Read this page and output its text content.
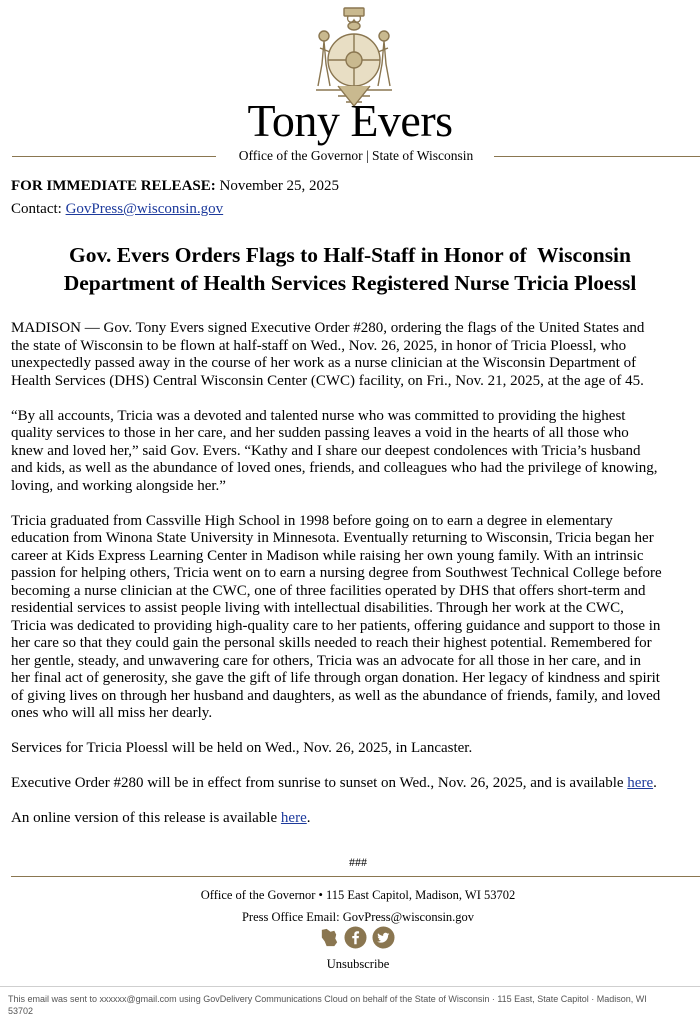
Tony Evers
Office of the Governor | State of Wisconsin
FOR IMMEDIATE RELEASE: November 25, 2025
Contact: GovPress@wisconsin.gov
Gov. Evers Orders Flags to Half-Staff in Honor of  Wisconsin
Department of Health Services Registered Nurse Tricia Ploessl

MADISON — Gov. Tony Evers signed Executive Order #280, ordering the flags of the United States and
the state of Wisconsin to be flown at half-staff on Wed., Nov. 26, 2025, in honor of Tricia Ploessl, who
unexpectedly passed away in the course of her work as a nurse clinician at the Wisconsin Department of
Health Services (DHS) Central Wisconsin Center (CWC) facility, on Fri., Nov. 21, 2025, at the age of 45.

“By all accounts, Tricia was a devoted and talented nurse who was committed to providing the highest
quality services to those in her care, and her sudden passing leaves a void in the hearts of all those who
knew and loved her,” said Gov. Evers. “Kathy and I share our deepest condolences with Tricia’s husband
and kids, as well as the abundance of loved ones, friends, and colleagues who had the privilege of knowing,
loving, and working alongside her.”

Tricia graduated from Cassville High School in 1998 before going on to earn a degree in elementary
education from Winona State University in Minnesota. Eventually returning to Wisconsin, Tricia began her
career at Kids Express Learning Center in Madison while raising her own young family. With an intrinsic
passion for helping others, Tricia went on to earn a nursing degree from Southwest Technical College before
becoming a nurse clinician at the CWC, one of three facilities operated by DHS that offers short-term and
residential services to assist people living with intellectual disabilities. Through her work at the CWC,
Tricia was dedicated to providing high-quality care to her patients, offering guidance and support to those in
her care so that they could gain the personal skills needed to reach their highest potential. Remembered for
her gentle, steady, and unwavering care for others, Tricia was an advocate for all those in her care, and in
her final act of generosity, she gave the gift of life through organ donation. Her legacy of kindness and spirit
of giving lives on through her husband and daughters, as well as the abundance of friends, family, and loved
ones who will all miss her dearly.

Services for Tricia Ploessl will be held on Wed., Nov. 26, 2025, in Lancaster.

Executive Order #280 will be in effect from sunrise to sunset on Wed., Nov. 26, 2025, and is available here.

An online version of this release is available here.

###
Office of the Governor • 115 East Capitol, Madison, WI 53702
Press Office Email: GovPress@wisconsin.gov
Unsubscribe
This email was sent to xxxxxx@gmail.com using GovDelivery Communications Cloud on behalf of the State of Wisconsin · 115 East, State Capitol · Madison, WI 53702
